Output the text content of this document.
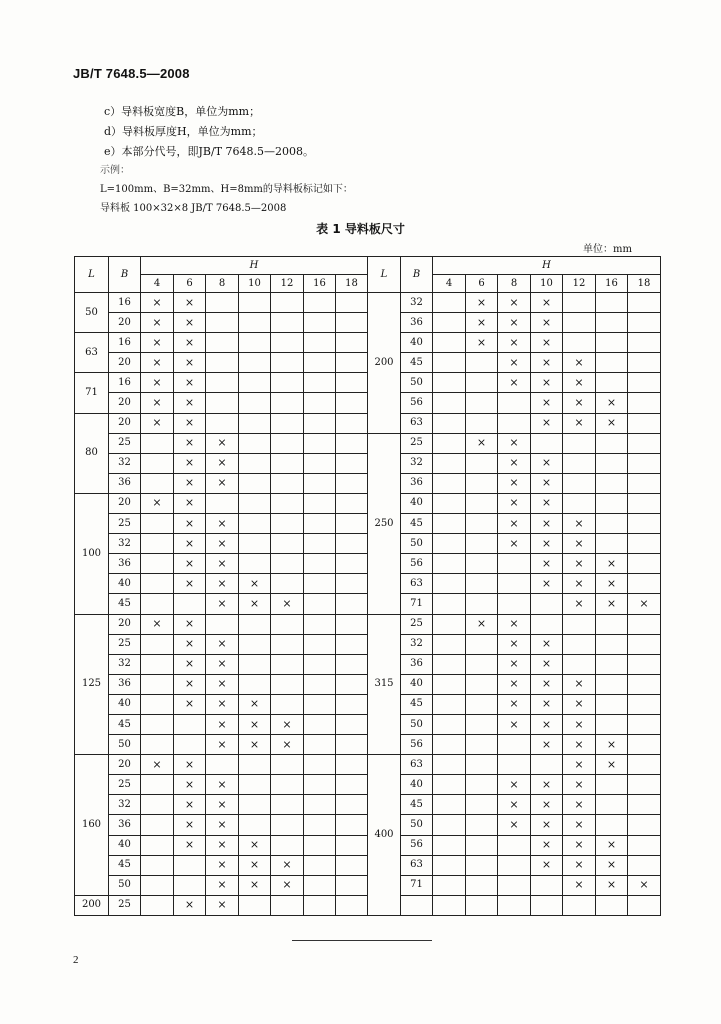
JB/T 7648.5—2008
c）导料板宽度B，单位为mm；
d）导料板厚度H，单位为mm；
e）本部分代号，即JB/T 7648.5—2008。
示例：
L=100mm、B=32mm、H=8mm的导料板标记如下：
导料板 100×32×8 JB/T 7648.5—2008
表 1 导料板尺寸
单位：mm
L	B	H							L	B	H						
		4	6	8	10	12	16	18			4	6	8	10	12	16	18
50	16	×	×						200	32		×	×	×			
	20	×	×							36		×	×	×			
63	16	×	×							40		×	×	×			
	20	×	×							45			×	×	×		
71	16	×	×							50			×	×	×		
	20	×	×							56				×	×	×	
80	20	×	×							63				×	×	×	
	25		×	×					250	25		×	×				
	32		×	×						32			×	×			
	36		×	×						36			×	×			
100	20	×	×							40			×	×			
	25		×	×						45			×	×	×		
	32		×	×						50			×	×	×		
	36		×	×						56				×	×	×	
	40		×	×	×					63				×	×	×	
	45			×	×	×				71					×	×	×
125	20	×	×						315	25		×	×				
	25		×	×						32			×	×			
	32		×	×						36			×	×			
	36		×	×						40			×	×	×		
	40		×	×	×					45			×	×	×		
	45			×	×	×				50			×	×	×		
	50			×	×	×				56				×	×	×	
160	20	×	×						400	63					×	×	
	25		×	×						40			×	×	×		
	32		×	×						45			×	×	×		
	36		×	×						50			×	×	×		
	40		×	×	×					56				×	×	×	
	45			×	×	×				63				×	×	×	
	50			×	×	×				71					×	×	×
200	25		×	×													
2
